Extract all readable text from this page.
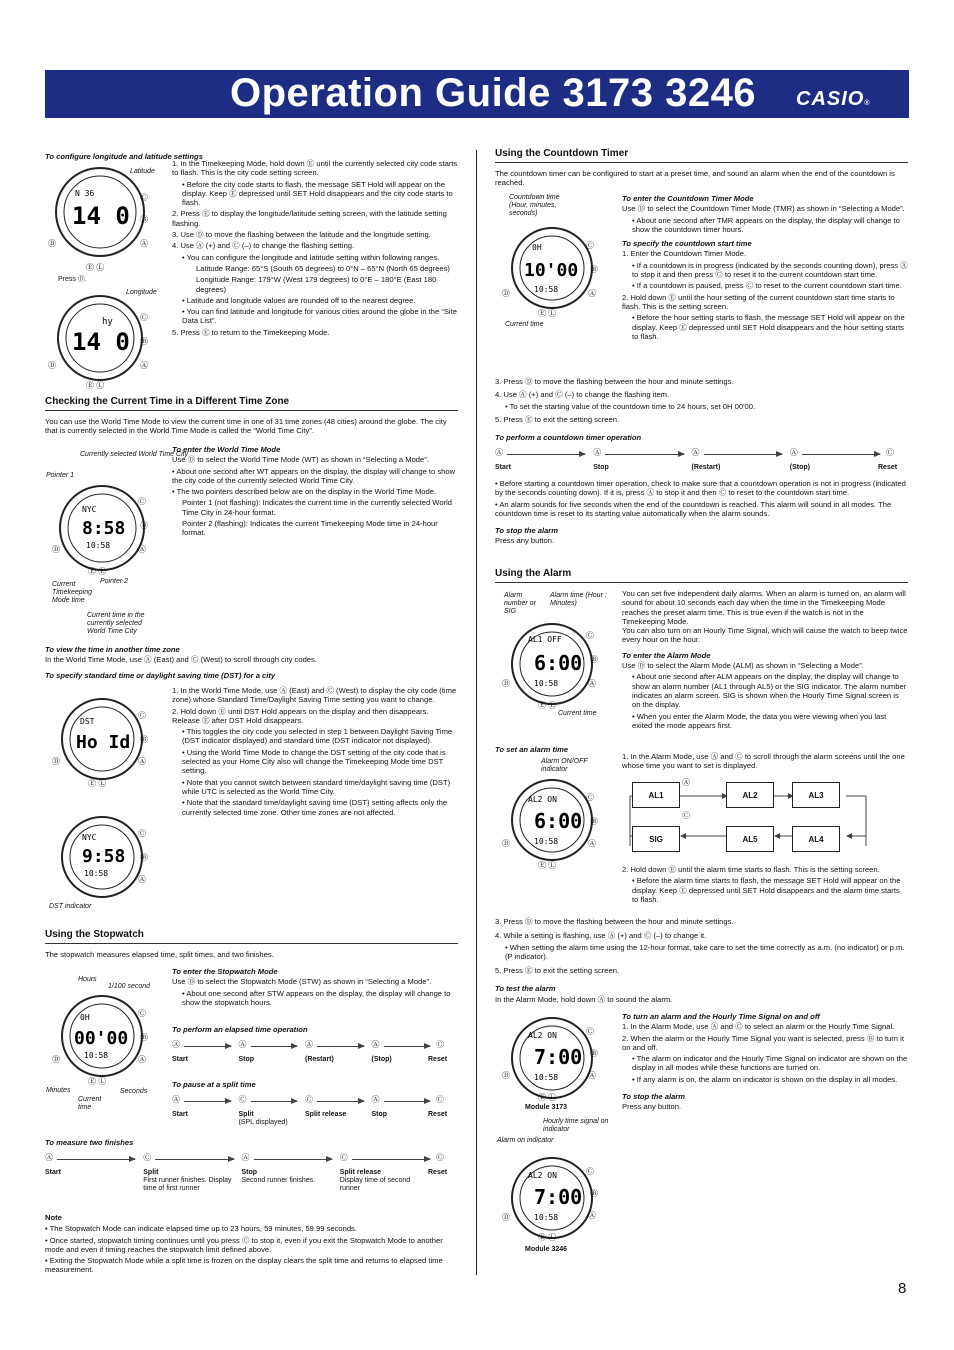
Operation Guide 3173 3246 CASIO®
To configure longitude and latitude settings
N 36
14 0
Ⓓ	Ⓐ
Ⓒ
Ⓑ
Ⓔ Ⓛ
Latitude
Press Ⓓ.
Longitude
hy
14 0
Ⓓ	Ⓐ
Ⓒ
Ⓑ
Ⓔ Ⓛ

1. In the Timekeeping Mode, hold down Ⓔ until the currently selected city code starts to flash. This is the city code setting screen.

• Before the city code starts to flash, the message SET Hold will appear on the display. Keep Ⓔ depressed until SET Hold disappears and the city code starts to flash.

2. Press Ⓔ to display the longitude/latitude setting screen, with the latitude setting flashing.

3. Use Ⓓ to move the flashing between the latitude and the longitude setting.

4. Use Ⓐ (+) and Ⓒ (–) to change the flashing setting.

• You can configure the longitude and latitude setting within following ranges.

Latitude Range: 65°S (South 65 degrees) to 0°N – 65°N (North 65 degrees)

Longitude Range: 179°W (West 179 degrees) to 0°E – 180°E (East 180 degrees)

• Latitude and longitude values are rounded off to the nearest degree.

• You can find latitude and longitude for various cities around the globe in the “Site Data List”.

5. Press Ⓔ to return to the Timekeeping Mode.

Checking the Current Time in a Different Time Zone
You can use the World Time Mode to view the current time in one of 31 time zones (48 cities) around the globe. The city that is currently selected in the World Time Mode is called the “World Time City”.
Currently selected World Time City
Pointer 1
NYC
8:58
10:58
Ⓓ	Ⓐ
Ⓒ
Ⓑ
Ⓔ Ⓛ
Current Timekeeping Mode time
Pointer 2
Current time in the currently selected World Time City

To enter the World Time Mode

Use Ⓓ to select the World Time Mode (WT) as shown in “Selecting a Mode”.

• About one second after WT appears on the display, the display will change to show the city code of the currently selected World Time City.

• The two pointers described below are on the display in the World Time Mode.

Pointer 1 (not flashing): Indicates the current time in the currently selected World Time City in 24-hour format.

Pointer 2 (flashing): Indicates the current Timekeeping Mode time in 24-hour format.

To view the time in another time zone

In the World Time Mode, use Ⓐ (East) and Ⓒ (West) to scroll through city codes.

To specify standard time or daylight saving time (DST) for a city

DST
Ho Id
Ⓓ	Ⓐ
Ⓒ
Ⓑ
Ⓔ Ⓛ
NYC
9:58
10:58
Ⓒ
Ⓑ
Ⓐ
DST indicator

1. In the World Time Mode, use Ⓐ (East) and Ⓒ (West) to display the city code (time zone) whose Standard Time/Daylight Saving Time setting you want to change.

2. Hold down Ⓔ until DST Hold appears on the display and then disappears. Release Ⓔ after DST Hold disappears.

• This toggles the city code you selected in step 1 between Daylight Saving Time (DST indicator displayed) and standard time (DST indicator not displayed).

• Using the World Time Mode to change the DST setting of the city code that is selected as your Home City also will change the Timekeeping Mode time DST setting.

• Note that you cannot switch between standard time/daylight saving time (DST) while UTC is selected as the World Time City.

• Note that the standard time/daylight saving time (DST) setting affects only the currently selected time zone. Other time zones are not affected.

Using the Stopwatch
The stopwatch measures elapsed time, split times, and two finishes.
Hours
1/100 second
0H
00'00
10:58
Ⓓ	Ⓐ
Ⓒ
Ⓑ
Ⓔ Ⓛ
Minutes
Current time
Seconds

To enter the Stopwatch Mode

Use Ⓓ to select the Stopwatch Mode (STW) as shown in “Selecting a Mode”.

• About one second after STW appears on the display, the display will change to show the stopwatch hours.

To perform an elapsed time operation
Ⓐ
Start
Ⓐ
Stop
Ⓐ
(Restart)
Ⓐ
(Stop)
Ⓒ
Reset
To pause at a split time
Ⓐ
Start
Ⓒ
Split
(SPL displayed)
Ⓒ
Split release
Ⓐ
Stop
Ⓒ
Reset
To measure two finishes
Ⓐ
Start
Ⓒ
Split
First runner finishes. Display time of first runner
Ⓐ
Stop
Second runner finishes.
Ⓒ
Split release
Display time of second runner
Ⓒ
Reset

Note

• The Stopwatch Mode can indicate elapsed time up to 23 hours, 59 minutes, 59.99 seconds.

• Once started, stopwatch timing continues until you press Ⓒ to stop it, even if you exit the Stopwatch Mode to another mode and even if timing reaches the stopwatch limit defined above.

• Exiting the Stopwatch Mode while a split time is frozen on the display clears the split time and returns to elapsed time measurement.

Using the Countdown Timer
The countdown timer can be configured to start at a preset time, and sound an alarm when the end of the countdown is reached.
Countdown time (Hour, minutes, seconds)
0H
10'00
10:58
Ⓓ	Ⓐ
Ⓒ
Ⓑ
Ⓔ Ⓛ
Current time

To enter the Countdown Timer Mode

Use Ⓓ to select the Countdown Timer Mode (TMR) as shown in “Selecting a Mode”.

• About one second after TMR appears on the display, the display will change to show the countdown timer hours.

To specify the countdown start time

1. Enter the Countdown Timer Mode.

• If a countdown is in progress (indicated by the seconds counting down), press Ⓐ to stop it and then press Ⓒ to reset it to the current countdown start time.

• If a countdown is paused, press Ⓒ to reset to the current countdown start time.

2. Hold down Ⓔ until the hour setting of the current countdown start time starts to flash. This is the setting screen.

• Before the hour setting starts to flash, the message SET Hold will appear on the display. Keep Ⓔ depressed until SET Hold disappears and the hour setting starts to flash.

3. Press Ⓓ to move the flashing between the hour and minute settings.

4. Use Ⓐ (+) and Ⓒ (–) to change the flashing item.

• To set the starting value of the countdown time to 24 hours, set 0H 00'00.

5. Press Ⓔ to exit the setting screen.

To perform a countdown timer operation
Ⓐ
Start
Ⓐ
Stop
Ⓐ
(Restart)
Ⓐ
(Stop)
Ⓒ
Reset

• Before starting a countdown timer operation, check to make sure that a countdown operation is not in progress (indicated by the seconds counting down). If it is, press Ⓐ to stop it and then Ⓒ to reset to the countdown start time.

• An alarm sounds for five seconds when the end of the countdown is reached. This alarm will sound in all modes. The countdown time is reset to its starting value automatically when the alarm sounds.

To stop the alarm

Press any button.

Using the Alarm
Alarm number or SIG
Alarm time (Hour : Minutes)
AL1 OFF
6:00
10:58
Ⓓ	Ⓐ
Ⓒ
Ⓑ
Ⓔ Ⓛ
Current time

You can set five independent daily alarms. When an alarm is turned on, an alarm will sound for about 10 seconds each day when the time in the Timekeeping Mode reaches the preset alarm time. This is true even if the watch is not in the Timekeeping Mode.

You can also turn on an Hourly Time Signal, which will cause the watch to beep twice every hour on the hour.

To enter the Alarm Mode

Use Ⓓ to select the Alarm Mode (ALM) as shown in “Selecting a Mode”.

• About one second after ALM appears on the display, the display will change to show an alarm number (AL1 through AL5) or the SIG indicator. The alarm number indicates an alarm screen. SIG is shown when the Hourly Time Signal screen is on the display.

• When you enter the Alarm Mode, the data you were viewing when you last exited the mode appears first.

To set an alarm time
Alarm ON/OFF indicator
AL2 ON
6:00
10:58
Ⓓ	Ⓐ
Ⓒ
Ⓑ
Ⓔ Ⓛ
1. In the Alarm Mode, use Ⓐ and Ⓒ to scroll through the alarm screens until the one whose time you want to set is displayed.
AL1	AL2	AL3
SIG	AL5	AL4
Ⓐ
Ⓒ

2. Hold down Ⓔ until the alarm time starts to flash. This is the setting screen.

• Before the alarm time starts to flash, the message SET Hold will appear on the display. Keep Ⓔ depressed until SET Hold disappears and the alarm time starts to flash.

3. Press Ⓓ to move the flashing between the hour and minute settings.

4. While a setting is flashing, use Ⓐ (+) and Ⓒ (–) to change it.

• When setting the alarm time using the 12-hour format, take care to set the time correctly as a.m. (no indicator) or p.m. (P indicator).

5. Press Ⓔ to exit the setting screen.

To test the alarm

In the Alarm Mode, hold down Ⓐ to sound the alarm.

AL2 ON
7:00
10:58
Ⓓ	Ⓐ
Ⓒ
Ⓑ
Ⓔ Ⓛ
Module 3173
Hourly time signal on indicator
Alarm on indicator
AL2 ON
7:00
10:58
Ⓓ	Ⓐ
Ⓒ
Ⓑ
Ⓔ Ⓛ
Module 3246

To turn an alarm and the Hourly Time Signal on and off

1. In the Alarm Mode, use Ⓐ and Ⓒ to select an alarm or the Hourly Time Signal.

2. When the alarm or the Hourly Time Signal you want is selected, press Ⓑ to turn it on and off.

• The alarm on indicator and the Hourly Time Signal on indicator are shown on the display in all modes while these functions are turned on.

• If any alarm is on, the alarm on indicator is shown on the display in all modes.

To stop the alarm

Press any button.

8
